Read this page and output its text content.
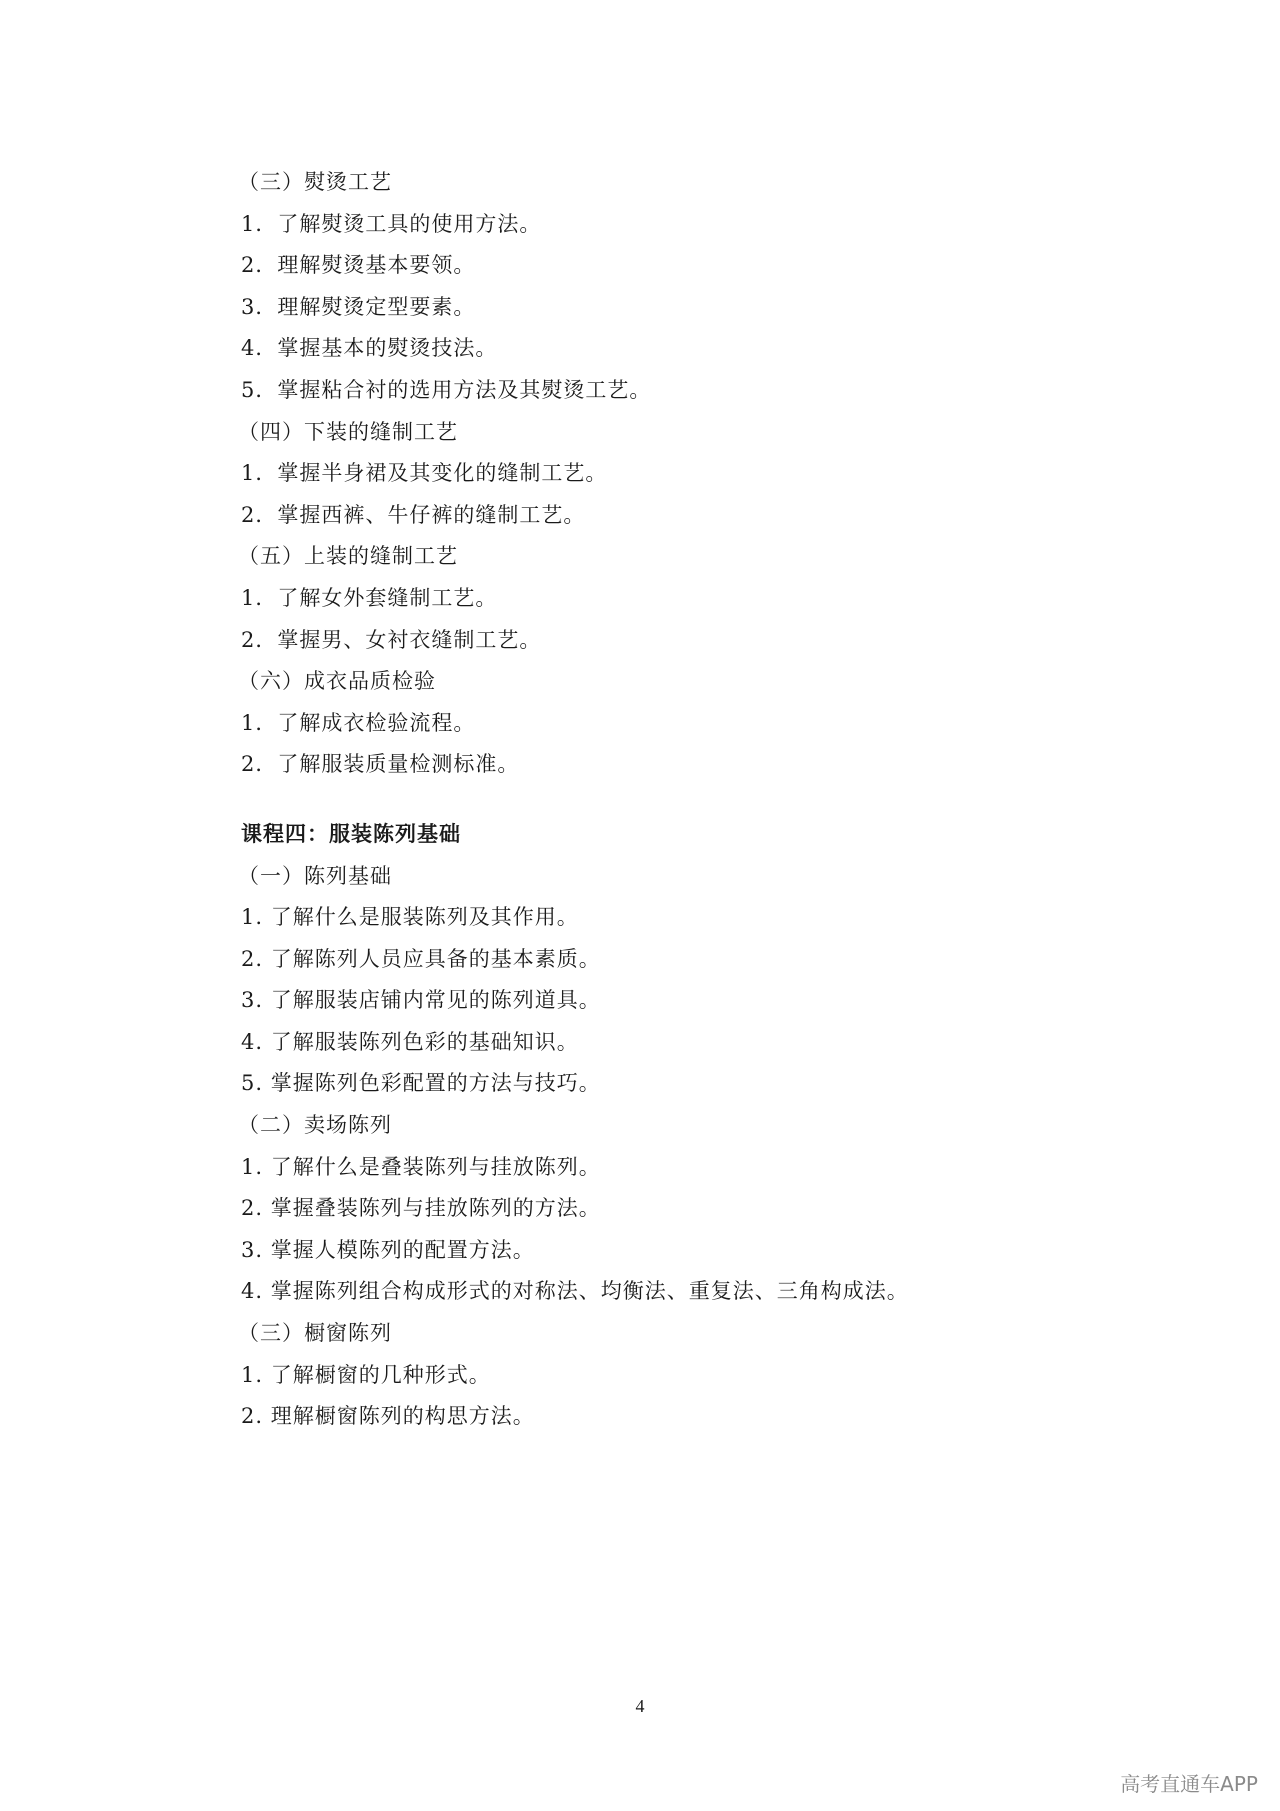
（三）熨烫工艺
1．了解熨烫工具的使用方法。
2．理解熨烫基本要领。
3．理解熨烫定型要素。
4．掌握基本的熨烫技法。
5．掌握粘合衬的选用方法及其熨烫工艺。
（四）下装的缝制工艺
1．掌握半身裙及其变化的缝制工艺。
2．掌握西裤、牛仔裤的缝制工艺。
（五）上装的缝制工艺
1．了解女外套缝制工艺。
2．掌握男、女衬衣缝制工艺。
（六）成衣品质检验
1．了解成衣检验流程。
2．了解服装质量检测标准。
课程四：服装陈列基础
（一）陈列基础
1. 了解什么是服装陈列及其作用。
2. 了解陈列人员应具备的基本素质。
3. 了解服装店铺内常见的陈列道具。
4. 了解服装陈列色彩的基础知识。
5. 掌握陈列色彩配置的方法与技巧。
（二）卖场陈列
1. 了解什么是叠装陈列与挂放陈列。
2. 掌握叠装陈列与挂放陈列的方法。
3. 掌握人模陈列的配置方法。
4. 掌握陈列组合构成形式的对称法、均衡法、重复法、三角构成法。
（三）橱窗陈列
1. 了解橱窗的几种形式。
2. 理解橱窗陈列的构思方法。
4
高考直通车APP
